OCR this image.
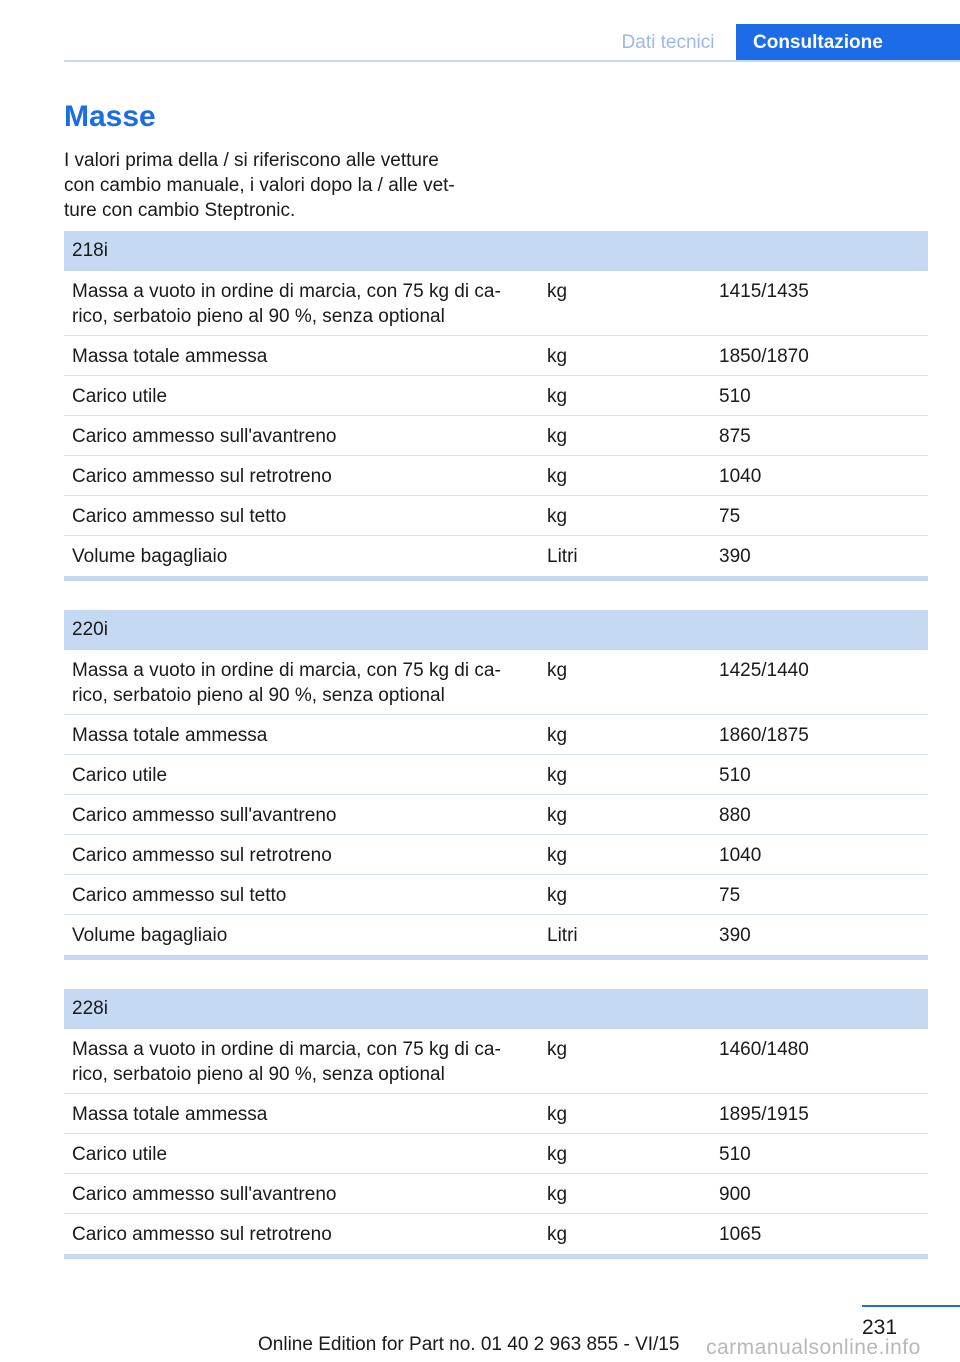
Dati tecnici	Consultazione
Masse

I valori prima della / si riferiscono alle vetture
con cambio manuale, i valori dopo la / alle vet-
ture con cambio Steptronic.

218i
Massa a vuoto in ordine di marcia, con 75 kg di ca-
rico, serbatoio pieno al 90 %, senza optional
kg	1415/1435
Massa totale ammessa	kg	1850/1870
Carico utile	kg	510
Carico ammesso sull'avantreno	kg	875
Carico ammesso sul retrotreno	kg	1040
Carico ammesso sul tetto	kg	75
Volume bagagliaio	Litri	390
220i
Massa a vuoto in ordine di marcia, con 75 kg di ca-
rico, serbatoio pieno al 90 %, senza optional
kg	1425/1440
Massa totale ammessa	kg	1860/1875
Carico utile	kg	510
Carico ammesso sull'avantreno	kg	880
Carico ammesso sul retrotreno	kg	1040
Carico ammesso sul tetto	kg	75
Volume bagagliaio	Litri	390
228i
Massa a vuoto in ordine di marcia, con 75 kg di ca-
rico, serbatoio pieno al 90 %, senza optional
kg	1460/1480
Massa totale ammessa	kg	1895/1915
Carico utile	kg	510
Carico ammesso sull'avantreno	kg	900
Carico ammesso sul retrotreno	kg	1065
231
Online Edition for Part no. 01 40 2 963 855 - VI/15 carmanualsonline.info
